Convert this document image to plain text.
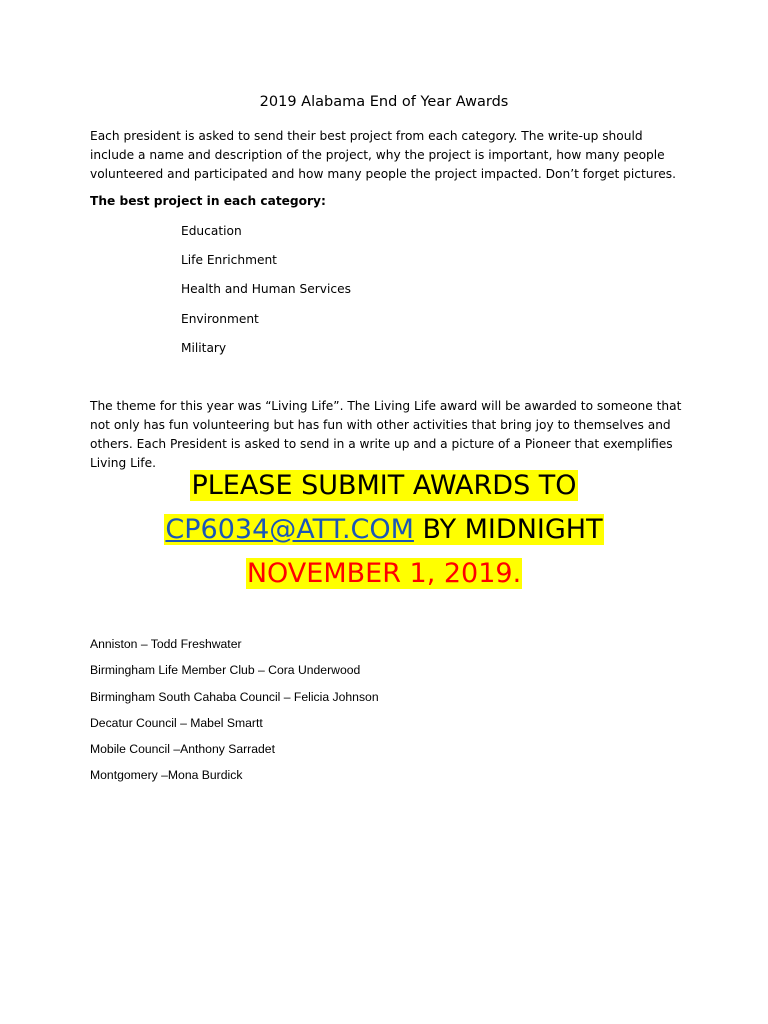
2019 Alabama End of Year Awards

Each president is asked to send their best project from each category. The write-up should include a name and description of the project, why the project is important, how many people volunteered and participated and how many people the project impacted. Don’t forget pictures.

The best project in each category:

Education
Life Enrichment
Health and Human Services
Environment
Military

The theme for this year was “Living Life”. The Living Life award will be awarded to someone that not only has fun volunteering but has fun with other activities that bring joy to themselves and others. Each President is asked to send in a write up and a picture of a Pioneer that exemplifies Living Life.

PLEASE SUBMIT AWARDS TO
CP6034@ATT.COM BY MIDNIGHT
NOVEMBER 1, 2019.
Anniston – Todd Freshwater
Birmingham Life Member Club – Cora Underwood
Birmingham South Cahaba Council – Felicia Johnson
Decatur Council – Mabel Smartt
Mobile Council –Anthony Sarradet
Montgomery –Mona Burdick
